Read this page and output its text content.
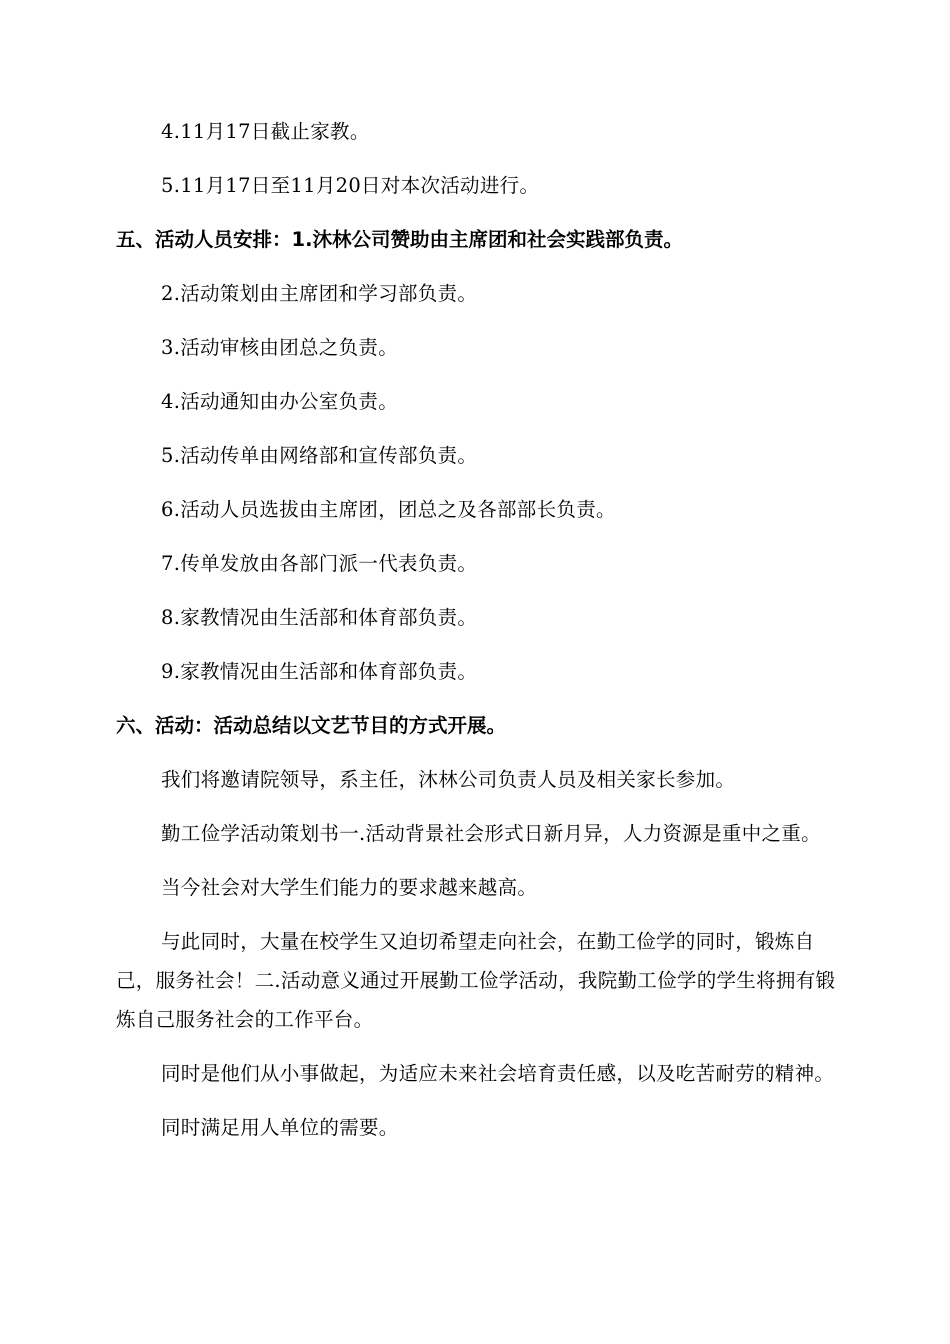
4.11月17日截止家教。

5.11月17日至11月20日对本次活动进行。

五、活动人员安排：1.沐林公司赞助由主席团和社会实践部负责。

2.活动策划由主席团和学习部负责。

3.活动审核由团总之负责。

4.活动通知由办公室负责。

5.活动传单由网络部和宣传部负责。

6.活动人员选拔由主席团，团总之及各部部长负责。

7.传单发放由各部门派一代表负责。

8.家教情况由生活部和体育部负责。

9.家教情况由生活部和体育部负责。

六、活动：活动总结以文艺节目的方式开展。

我们将邀请院领导，系主任，沐林公司负责人员及相关家长参加。

勤工俭学活动策划书一.活动背景社会形式日新月异，人力资源是重中之重。

当今社会对大学生们能力的要求越来越高。

与此同时，大量在校学生又迫切希望走向社会，在勤工俭学的同时，锻炼自己，服务社会！二.活动意义通过开展勤工俭学活动，我院勤工俭学的学生将拥有锻炼自己服务社会的工作平台。

同时是他们从小事做起，为适应未来社会培育责任感，以及吃苦耐劳的精神。

同时满足用人单位的需要。
